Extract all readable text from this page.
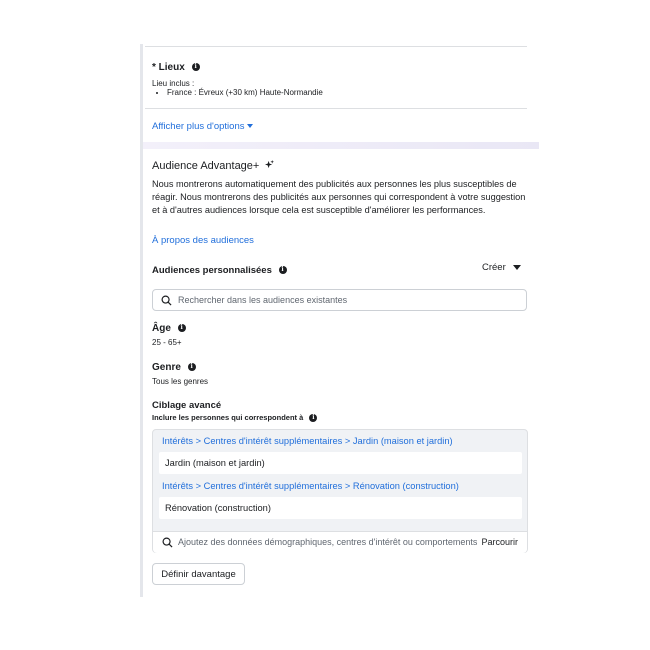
* Lieux i
Lieu inclus :
• France : Évreux (+30 km) Haute-Normandie
Afficher plus d'options
Audience Advantage+
Nous montrerons automatiquement des publicités aux personnes les plus susceptibles de réagir. Nous montrerons des publicités aux personnes qui correspondent à votre suggestion et à d'autres audiences lorsque cela est susceptible d'améliorer les performances.
À propos des audiences
Audiences personnalisées i	Créer
Rechercher dans les audiences existantes
Âge i
25 - 65+
Genre i
Tous les genres
Ciblage avancé
Inclure les personnes qui correspondent à i
Intérêts > Centres d'intérêt supplémentaires > Jardin (maison et jardin)
Jardin (maison et jardin)
Intérêts > Centres d'intérêt supplémentaires > Rénovation (construction)
Rénovation (construction)
Ajoutez des données démographiques, centres d'intérêt ou comportements Parcourir
Définir davantage
